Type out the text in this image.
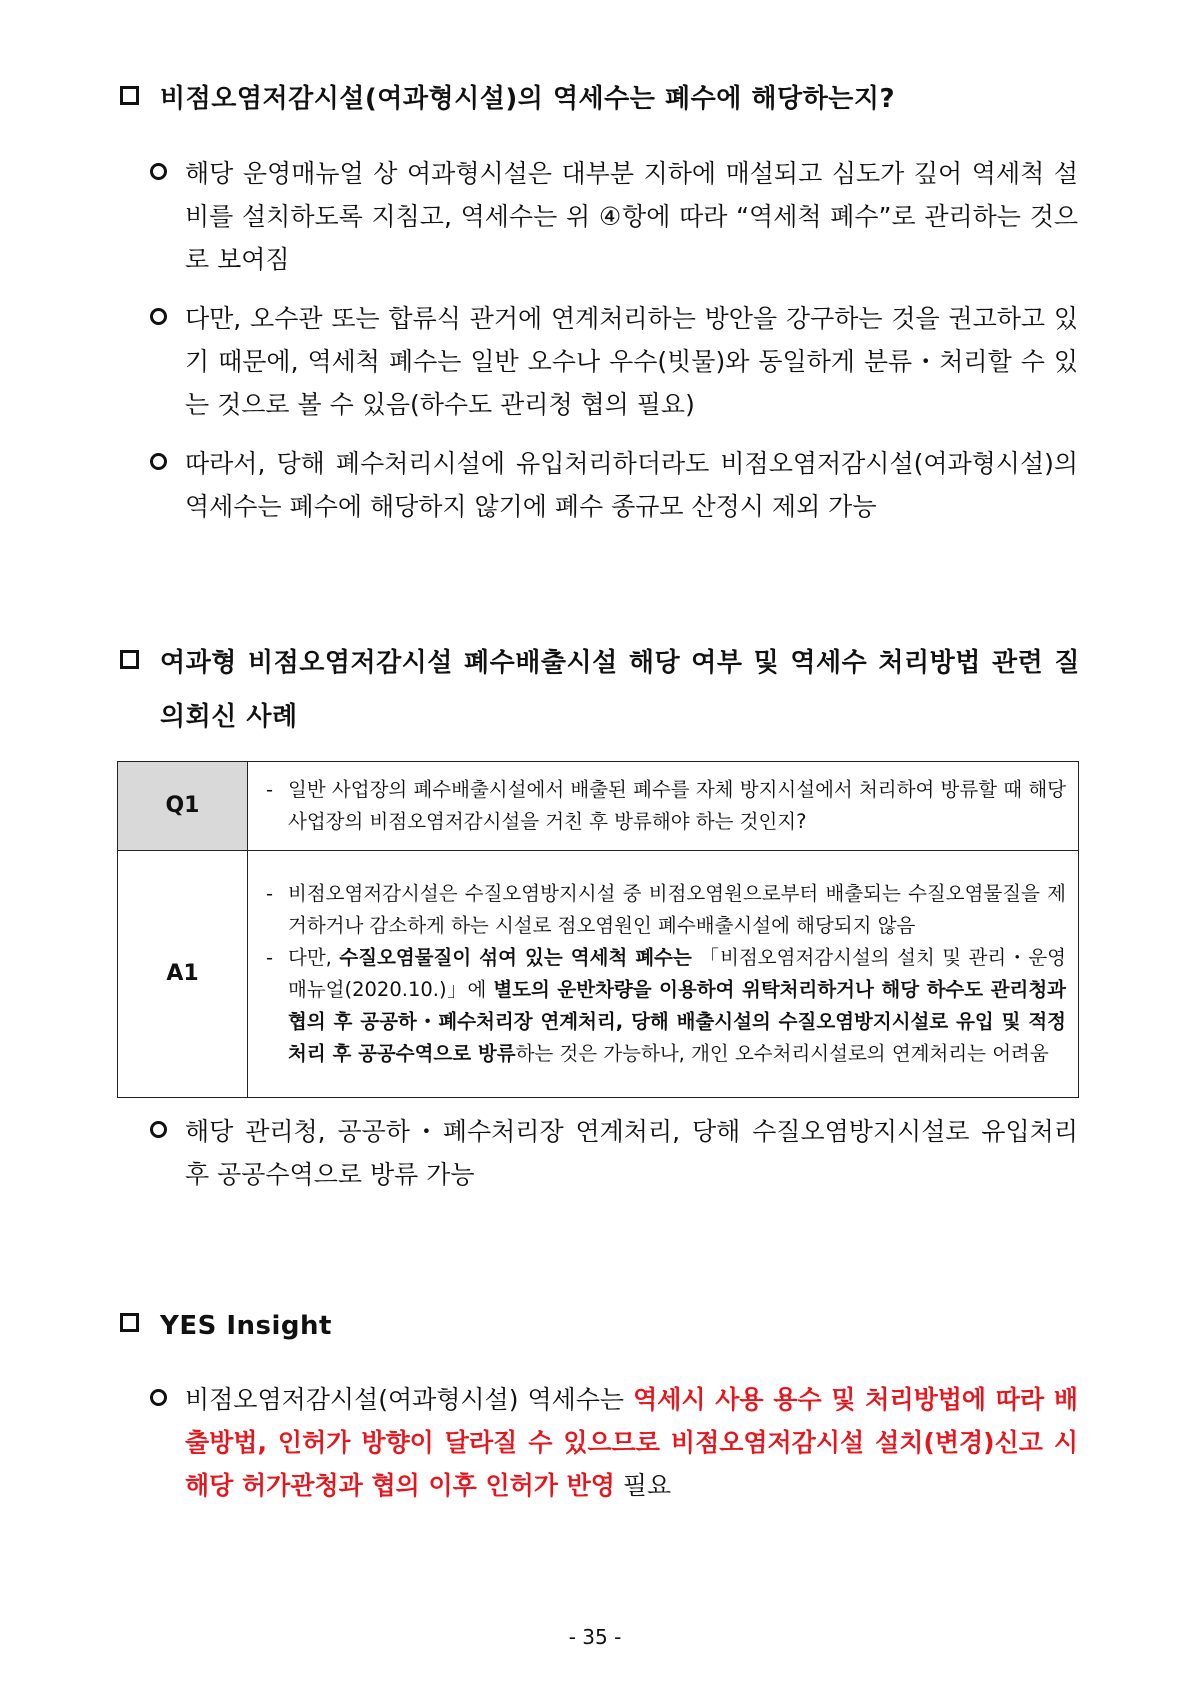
비점오염저감시설(여과형시설)의 역세수는 폐수에 해당하는지?
해당 운영매뉴얼 상 여과형시설은 대부분 지하에 매설되고 심도가 깊어 역세척 설비를 설치하도록 지침고, 역세수는 위 ④항에 따라 “역세척 폐수”로 관리하는 것으로 보여짐
다만, 오수관 또는 합류식 관거에 연계처리하는 방안을 강구하는 것을 권고하고 있기 때문에, 역세척 폐수는 일반 오수나 우수(빗물)와 동일하게 분류・처리할 수 있는 것으로 볼 수 있음(하수도 관리청 협의 필요)
따라서, 당해 폐수처리시설에 유입처리하더라도 비점오염저감시설(여과형시설)의 역세수는 폐수에 해당하지 않기에 폐수 종규모 산정시 제외 가능
여과형 비점오염저감시설 폐수배출시설 해당 여부 및 역세수 처리방법 관련 질의회신 사례
Q1	- 일반 사업장의 폐수배출시설에서 배출된 폐수를 자체 방지시설에서 처리하여 방류할 때 해당 사업장의 비점오염저감시설을 거친 후 방류해야 하는 것인지?

A1	- 비점오염저감시설은 수질오염방지시설 중 비점오염원으로부터 배출되는 수질오염물질을 제거하거나 감소하게 하는 시설로 점오염원인 폐수배출시설에 해당되지 않음
- 다만, 수질오염물질이 섞여 있는 역세척 폐수는 「비점오염저감시설의 설치 및 관리・운영 매뉴얼(2020.10.)」에 별도의 운반차량을 이용하여 위탁처리하거나 해당 하수도 관리청과 협의 후 공공하・폐수처리장 연계처리, 당해 배출시설의 수질오염방지시설로 유입 및 적정처리 후 공공수역으로 방류하는 것은 가능하나, 개인 오수처리시설로의 연계처리는 어려움
해당 관리청, 공공하・폐수처리장 연계처리, 당해 수질오염방지시설로 유입처리 후 공공수역으로 방류 가능
YES Insight
비점오염저감시설(여과형시설) 역세수는 역세시 사용 용수 및 처리방법에 따라 배출방법, 인허가 방향이 달라질 수 있으므로 비점오염저감시설 설치(변경)신고 시 해당 허가관청과 협의 이후 인허가 반영 필요
- 35 -
